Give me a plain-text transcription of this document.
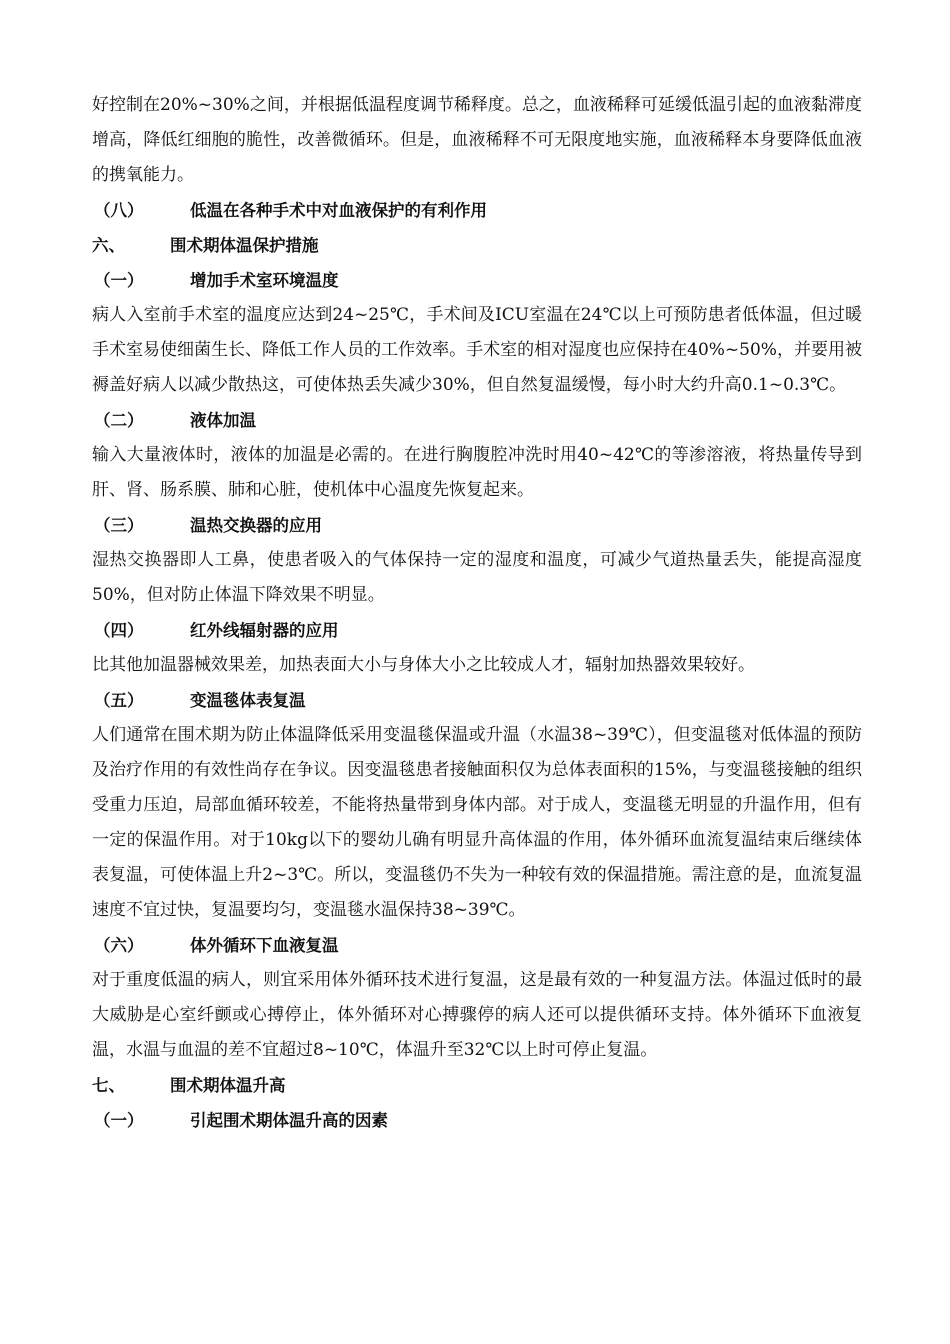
好控制在20%~30%之间，并根据低温程度调节稀释度。总之，血液稀释可延缓低温引起的血液黏滞度增高，降低红细胞的脆性，改善微循环。但是，血液稀释不可无限度地实施，血液稀释本身要降低血液的携氧能力。

（八）	低温在各种手术中对血液保护的有利作用
六、	围术期体温保护措施
（一）	增加手术室环境温度

病人入室前手术室的温度应达到24~25℃，手术间及ICU室温在24℃以上可预防患者低体温，但过暖手术室易使细菌生长、降低工作人员的工作效率。手术室的相对湿度也应保持在40%~50%，并要用被褥盖好病人以减少散热这，可使体热丢失减少30%，但自然复温缓慢，每小时大约升高0.1~0.3℃。

（二）	液体加温

输入大量液体时，液体的加温是必需的。在进行胸腹腔冲洗时用40~42℃的等渗溶液，将热量传导到肝、肾、肠系膜、肺和心脏，使机体中心温度先恢复起来。

（三）	温热交换器的应用

湿热交换器即人工鼻，使患者吸入的气体保持一定的湿度和温度，可减少气道热量丢失，能提高湿度50%，但对防止体温下降效果不明显。

（四）	红外线辐射器的应用

比其他加温器械效果差，加热表面大小与身体大小之比较成人才，辐射加热器效果较好。

（五）	变温毯体表复温

人们通常在围术期为防止体温降低采用变温毯保温或升温（水温38~39℃），但变温毯对低体温的预防及治疗作用的有效性尚存在争议。因变温毯患者接触面积仅为总体表面积的15%，与变温毯接触的组织受重力压迫，局部血循环较差，不能将热量带到身体内部。对于成人，变温毯无明显的升温作用，但有一定的保温作用。对于10kg以下的婴幼儿确有明显升高体温的作用，体外循环血流复温结束后继续体表复温，可使体温上升2~3℃。所以，变温毯仍不失为一种较有效的保温措施。需注意的是，血流复温速度不宜过快，复温要均匀，变温毯水温保持38~39℃。

（六）	体外循环下血液复温

对于重度低温的病人，则宜采用体外循环技术进行复温，这是最有效的一种复温方法。体温过低时的最大威胁是心室纤颤或心搏停止，体外循环对心搏骤停的病人还可以提供循环支持。体外循环下血液复温，水温与血温的差不宜超过8~10℃，体温升至32℃以上时可停止复温。

七、	围术期体温升高
（一）	引起围术期体温升高的因素
